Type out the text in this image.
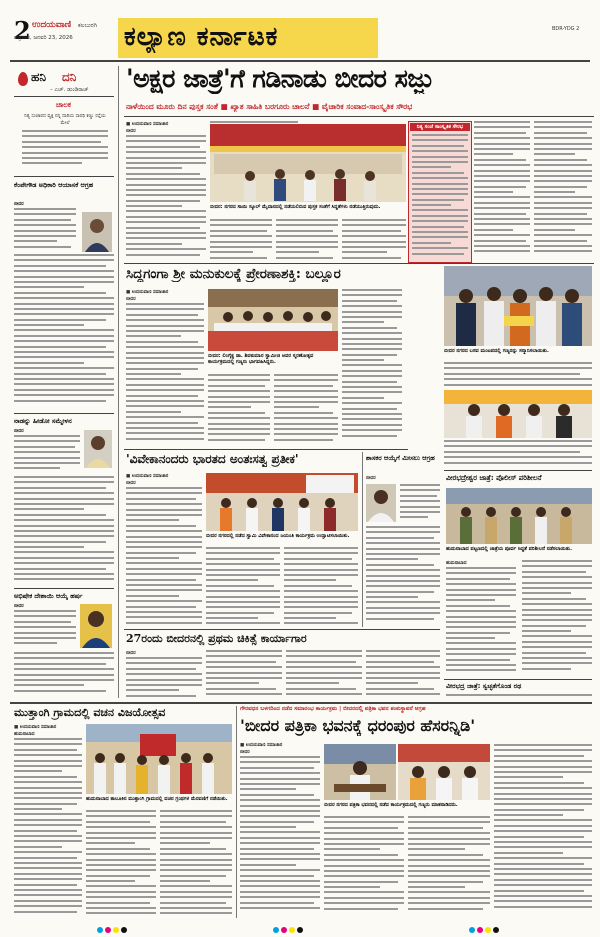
2 ಉದಯವಾಣಿ ಕಲಬುರಗಿ
ಶುಕ್ರವಾರ, ಜನವರಿ 23, 2026	ಕಲ್ಯಾಣ ಕರ್ನಾಟಕ	BDR-YDG 2
ಹನಿ ದನಿ
– ಎಚ್. ಡುಂಡಿರಾಜ್
ಚಾಲಕ
ನಿತ್ಯ ಸಂಚಾರದ ವ್ಯಕ್ತಿ ನನ್ನ ದಾರಿಯ ಸಾರಥಿ ಕಣ್ಣು ರಸ್ತೆಯ ಮೇಲೆ
ಕೆಂಪೇಗೌಡ ಅಧಿಕಾರಿ ಆಯಾಸಕೆ ಆಗ್ರಹ
ಬೀದರ
ನಾಡನ್ನು ಹೀಡೋ ಸಮ್ಮೇಳನ
ಬೀದರ
ಅಭಿಷೇಕ ದೇಶಾಯಿ ಆಯ್ಕೆ ಹರ್ಷ
ಬೀದರ
'ಅಕ್ಷರ ಜಾತ್ರೆ'ಗೆ ಗಡಿನಾಡು ಬೀದರ ಸಜ್ಜು
ನಾಳೆಯಿಂದ ಮೂರು ದಿನ ಪುಸ್ತಕ ಸಂತೆ ■ ಖ್ಯಾತ ಸಾಹಿತಿ ಬರಗೂರು ಚಾಲನೆ ■ ವೈಚಾರಿಕ ಸಂವಾದ-ಸಾಂಸ್ಕೃತಿಕ ಸೌರಭ
■ ಉದಯವಾಣಿ ಸಮಾಚಾರ
ಬೀದರ
ಬೀದರ: ನಗರದ ಸಾಯಿ ಸ್ಕೂಲ್ ಮೈದಾನದಲ್ಲಿ ನಡೆಯಲಿರುವ ಪುಸ್ತಕ ಸಂತೆಗೆ ಸಿದ್ಧತೆಗಳು ನಡೆಯುತ್ತಿರುವುದು.
ನಿತ್ಯ ಸಂಜೆ ಸಾಂಸ್ಕೃತಿಕ ಸೌರಭ
ಸಿದ್ದಗಂಗಾ ಶ್ರೀ ಮನುಕುಲಕ್ಕೆ ಪ್ರೇರಣಾಶಕ್ತಿ: ಬಲ್ಲೂರ
■ ಉದಯವಾಣಿ ಸಮಾಚಾರ
ಬೀದರ
ಬೀದರ: ಲಿಂಗೈಕ್ಯ ಡಾ. ಶಿವಕುಮಾರ ಸ್ವಾಮೀಜಿ ಅವರ ಸ್ಮರಣೋತ್ಸವ ಕಾರ್ಯಕ್ರಮದಲ್ಲಿ ಗಣ್ಯರು ಭಾಗವಹಿಸಿದ್ದರು.
ಬೀದರ ನಗರದ ಬಸವ ಮಂಟಪದಲ್ಲಿ ಗಣ್ಯರನ್ನು ಸನ್ಮಾನಿಸಲಾಯಿತು.
'ವಿವೇಕಾನಂದರು ಭಾರತದ ಅಂತಃಸತ್ವ ಪ್ರತೀಕ'
■ ಉದಯವಾಣಿ ಸಮಾಚಾರ
ಬೀದರ
ಬೀದರ ನಗರದಲ್ಲಿ ನಡೆದ ಸ್ವಾಮಿ ವಿವೇಕಾನಂದ ಜಯಂತಿ ಕಾರ್ಯಕ್ರಮ ಉದ್ಘಾಟಿಸಲಾಯಿತು.
ಶಾಸಕರ ಆಯ್ಕೆಗೆ ಮೀಸಲು ಆಗ್ರಹ
ಬೀದರ	ವೀರಭದ್ರೇಶ್ವರ ಜಾತ್ರೆ: ಪೊಲೀಸ್ ಪರಿಶೀಲನೆ
ಹುಮನಾಬಾದ ಪಟ್ಟಣದಲ್ಲಿ ಜಾತ್ರೆಯ ಪೂರ್ವ ಸಿದ್ಧತೆ ಪರಿಶೀಲನೆ ನಡೆಸಲಾಯಿತು.
ಹುಮನಾಬಾದ
ವೀರಭದ್ರ ಜಾತ್ರೆ: ಸ್ವಚ್ಛತೆಗೊಂಡ ರಥ
27ರಂದು ಬೀದರನಲ್ಲಿ ಪ್ರಥಮ ಚಿಕಿತ್ಸೆ ಕಾರ್ಯಾಗಾರ
ಬೀದರ
ಮುತ್ತಾಂಗಿ ಗ್ರಾಮದಲ್ಲಿ ವಚನ ವಿಜಯೋತ್ಸವ
■ ಉದಯವಾಣಿ ಸಮಾಚಾರ
ಹುಮನಾಬಾದ
ಹುಮನಾಬಾದ ತಾಲೂಕಿನ ಮುತ್ತಾಂಗಿ ಗ್ರಾಮದಲ್ಲಿ ವಚನ ಗ್ರಂಥಗಳ ಮೆರವಣಿಗೆ ನಡೆಯಿತು.
ಗೌರವಧನ ಬಳಗದಿಂದ ನಡೆದ ಸಮಾರಂಭ ಕಾರ್ಯಕ್ರಮ | ಬೀದರದಲ್ಲಿ ಪತ್ರಿಕಾ ಭವನ ಶಂಕುಸ್ಥಾಪನೆ ಆಗ್ರಹ
'ಬೀದರ ಪತ್ರಿಕಾ ಭವನಕ್ಕೆ ಧರಂಪುರ ಹೆಸರನ್ನಿಡಿ'
■ ಉದಯವಾಣಿ ಸಮಾಚಾರ
ಬೀದರ
ಬೀದರ ನಗರದ ಪತ್ರಿಕಾ ಭವನದಲ್ಲಿ ನಡೆದ ಕಾರ್ಯಕ್ರಮದಲ್ಲಿ ಗಣ್ಯರು ಮಾತನಾಡಿದರು.
